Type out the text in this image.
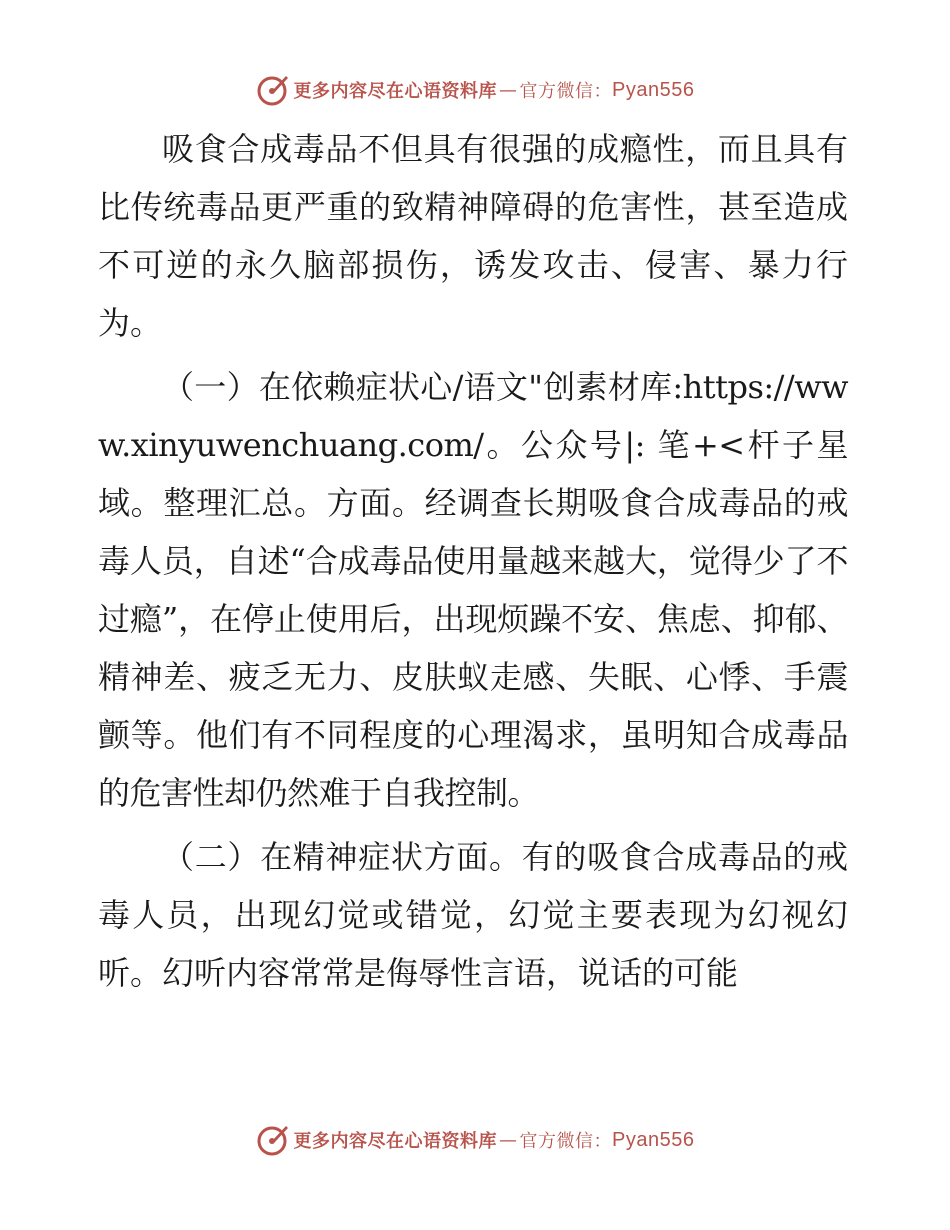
更多内容尽在心语资料库 — 官方微信： Pyan556

吸食合成毒品不但具有很强的成瘾性，而且具有比传统毒品更严重的致精神障碍的危害性，甚至造成不可逆的永久脑部损伤，诱发攻击、侵害、暴力行为。

（一）在依赖症状心/语文"创素材库:https://www.xinyuwenchuang.com/。公众号|: 笔+<杆子星域。整理汇总。方面。经调查长期吸食合成毒品的戒毒人员，自述“合成毒品使用量越来越大，觉得少了不过瘾”，在停止使用后，出现烦躁不安、焦虑、抑郁、精神差、疲乏无力、皮肤蚁走感、失眠、心悸、手震颤等。他们有不同程度的心理渴求，虽明知合成毒品的危害性却仍然难于自我控制。

（二）在精神症状方面。有的吸食合成毒品的戒毒人员，出现幻觉或错觉，幻觉主要表现为幻视幻听。幻听内容常常是侮辱性言语，说话的可能

更多内容尽在心语资料库 — 官方微信： Pyan556
